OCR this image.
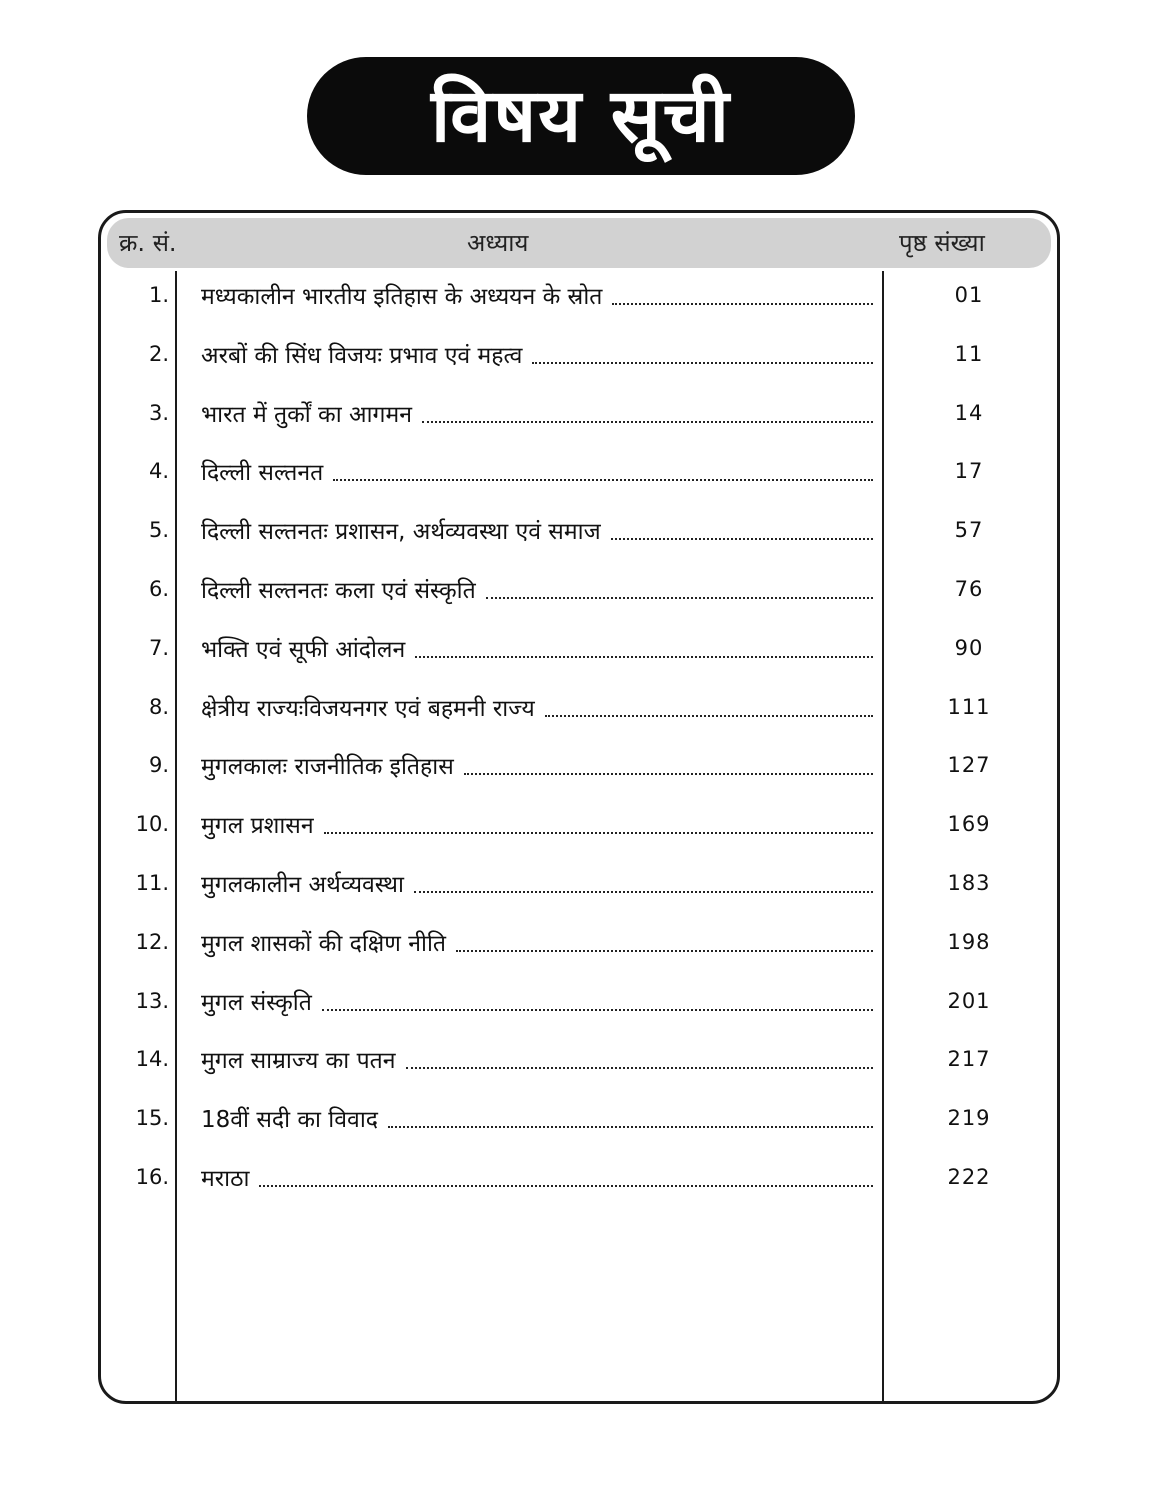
विषय सूची
क्र. सं.	अध्याय	पृष्ठ संख्या
1. मध्यकालीन भारतीय इतिहास के अध्ययन के स्रोत	01
2. अरबों की सिंध विजयः प्रभाव एवं महत्व	11
3. भारत में तुर्कों का आगमन	14
4. दिल्ली सल्तनत	17
5. दिल्ली सल्तनतः प्रशासन, अर्थव्यवस्था एवं समाज	57
6. दिल्ली सल्तनतः कला एवं संस्कृति	76
7. भक्ति एवं सूफी आंदोलन	90
8. क्षेत्रीय राज्यःविजयनगर एवं बहमनी राज्य	111
9. मुगलकालः राजनीतिक इतिहास	127
10. मुगल प्रशासन	169
11. मुगलकालीन अर्थव्यवस्था	183
12. मुगल शासकों की दक्षिण नीति	198
13. मुगल संस्कृति	201
14. मुगल साम्राज्य का पतन	217
15. 18वीं सदी का विवाद	219
16. मराठा	222
